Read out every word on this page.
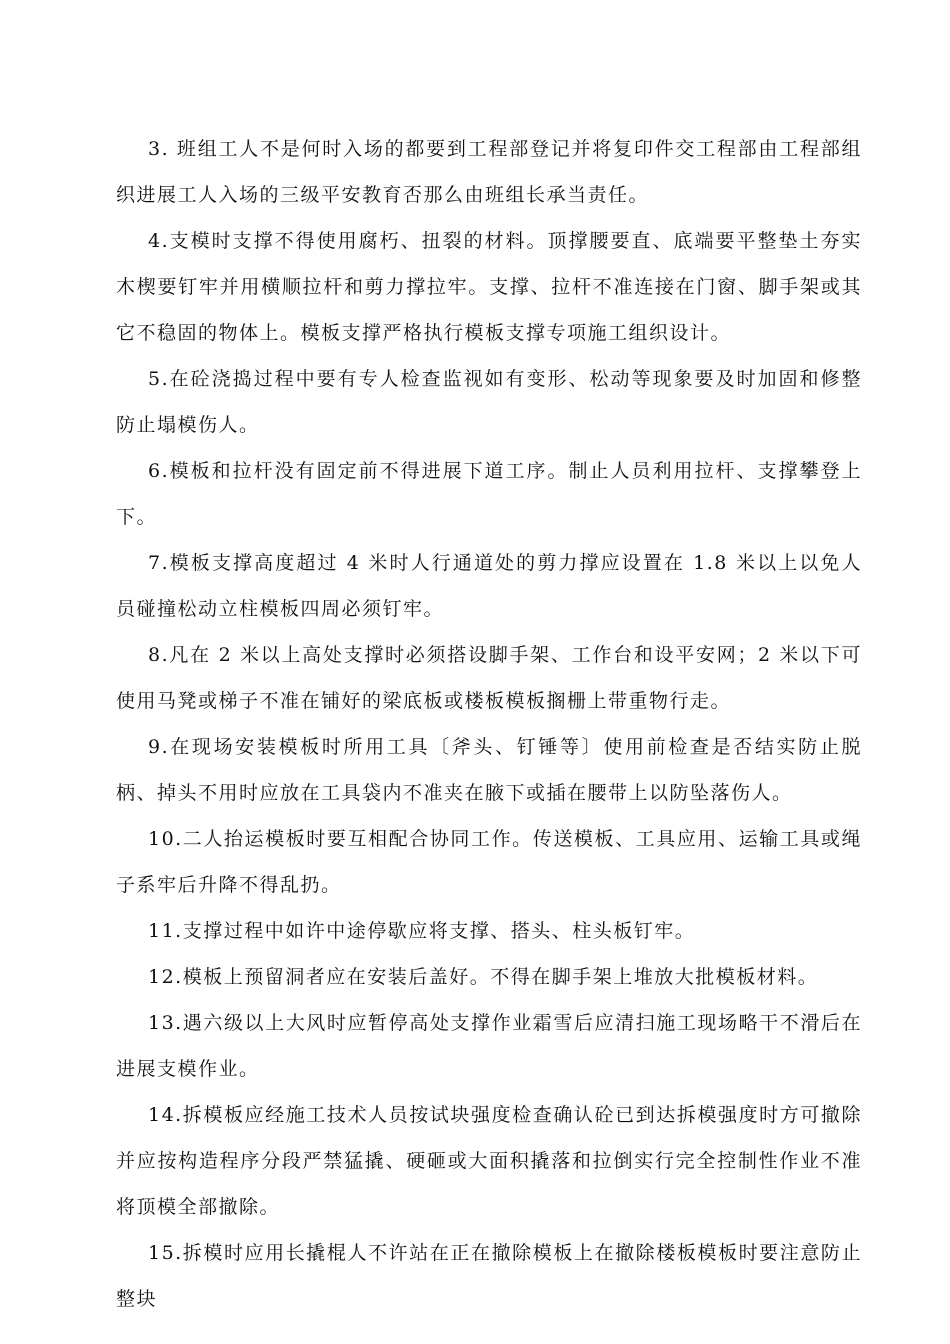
3. 班组工人不是何时入场的都要到工程部登记并将复印件交工程部由工程部组织进展工人入场的三级平安教育否那么由班组长承当责任。

4.支模时支撑不得使用腐朽、扭裂的材料。顶撑腰要直、底端要平整垫土夯实木楔要钉牢并用横顺拉杆和剪力撑拉牢。支撑、拉杆不准连接在门窗、脚手架或其它不稳固的物体上。模板支撑严格执行模板支撑专项施工组织设计。

5.在砼浇捣过程中要有专人检查监视如有变形、松动等现象要及时加固和修整防止塌模伤人。

6.模板和拉杆没有固定前不得进展下道工序。制止人员利用拉杆、支撑攀登上下。

7.模板支撑高度超过 4 米时人行通道处的剪力撑应设置在 1.8 米以上以免人员碰撞松动立柱模板四周必须钉牢。

8.凡在 2 米以上高处支撑时必须搭设脚手架、工作台和设平安网；2 米以下可使用马凳或梯子不准在铺好的梁底板或楼板模板搁栅上带重物行走。

9.在现场安装模板时所用工具〔斧头、钉锤等〕使用前检查是否结实防止脱柄、掉头不用时应放在工具袋内不准夹在腋下或插在腰带上以防坠落伤人。

10.二人抬运模板时要互相配合协同工作。传送模板、工具应用、运输工具或绳子系牢后升降不得乱扔。

11.支撑过程中如许中途停歇应将支撑、搭头、柱头板钉牢。

12.模板上预留洞者应在安装后盖好。不得在脚手架上堆放大批模板材料。

13.遇六级以上大风时应暂停高处支撑作业霜雪后应清扫施工现场略干不滑后在进展支模作业。

14.拆模板应经施工技术人员按试块强度检查确认砼已到达拆模强度时方可撤除并应按构造程序分段严禁猛撬、硬砸或大面积撬落和拉倒实行完全控制性作业不准将顶模全部撤除。

15.拆模时应用长撬棍人不许站在正在撤除模板上在撤除楼板模板时要注意防止整块
